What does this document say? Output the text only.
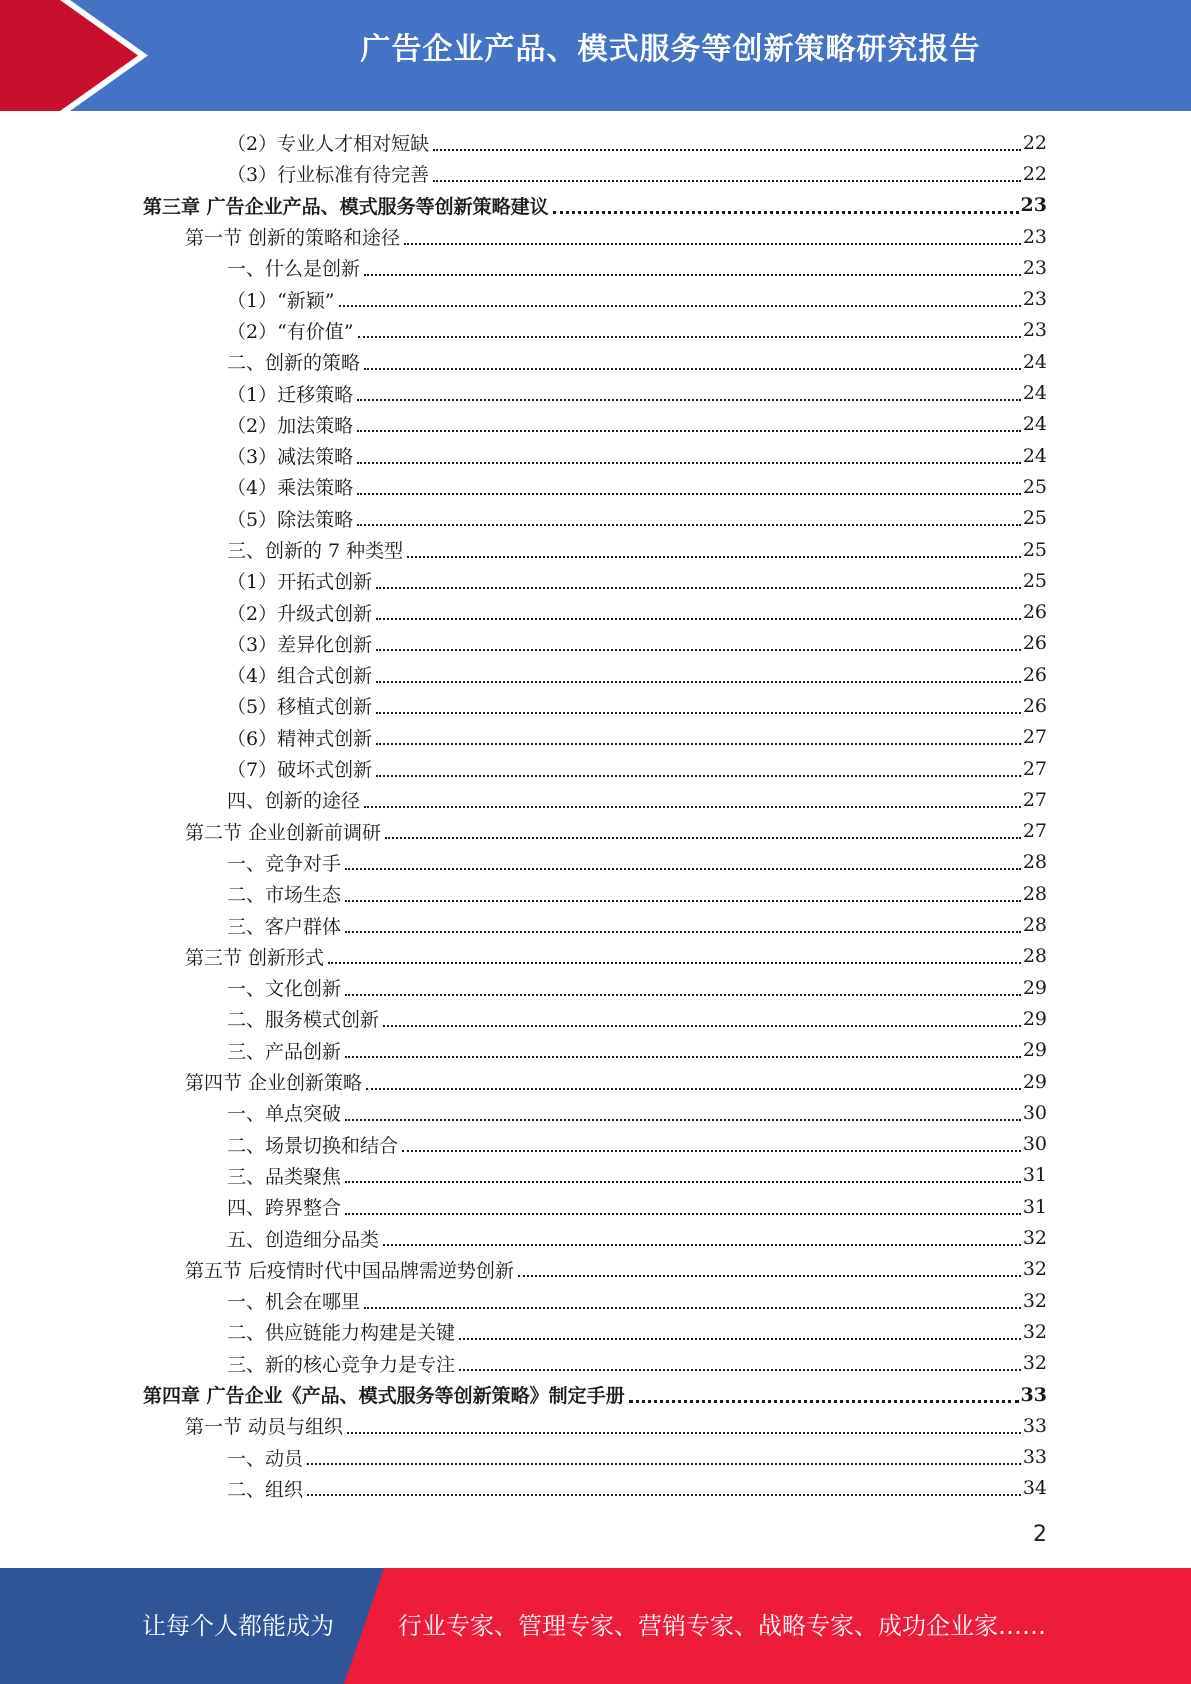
广告企业产品、模式服务等创新策略研究报告
（2）专业人才相对短缺	22
（3）行业标准有待完善	22
第三章 广告企业产品、模式服务等创新策略建议	23
第一节 创新的策略和途径	23
一、什么是创新	23
（1）“新颖”	23
（2）“有价值”	23
二、创新的策略	24
（1）迁移策略	24
（2）加法策略	24
（3）减法策略	24
（4）乘法策略	25
（5）除法策略	25
三、创新的 7 种类型	25
（1）开拓式创新	25
（2）升级式创新	26
（3）差异化创新	26
（4）组合式创新	26
（5）移植式创新	26
（6）精神式创新	27
（7）破坏式创新	27
四、创新的途径	27
第二节 企业创新前调研	27
一、竞争对手	28
二、市场生态	28
三、客户群体	28
第三节 创新形式	28
一、文化创新	29
二、服务模式创新	29
三、产品创新	29
第四节 企业创新策略	29
一、单点突破	30
二、场景切换和结合	30
三、品类聚焦	31
四、跨界整合	31
五、创造细分品类	32
第五节 后疫情时代中国品牌需逆势创新	32
一、机会在哪里	32
二、供应链能力构建是关键	32
三、新的核心竞争力是专注	32
第四章 广告企业《产品、模式服务等创新策略》制定手册	33
第一节 动员与组织	33
一、动员	33
二、组织	34
2
让每个人都能成为	行业专家、管理专家、营销专家、战略专家、成功企业家……
